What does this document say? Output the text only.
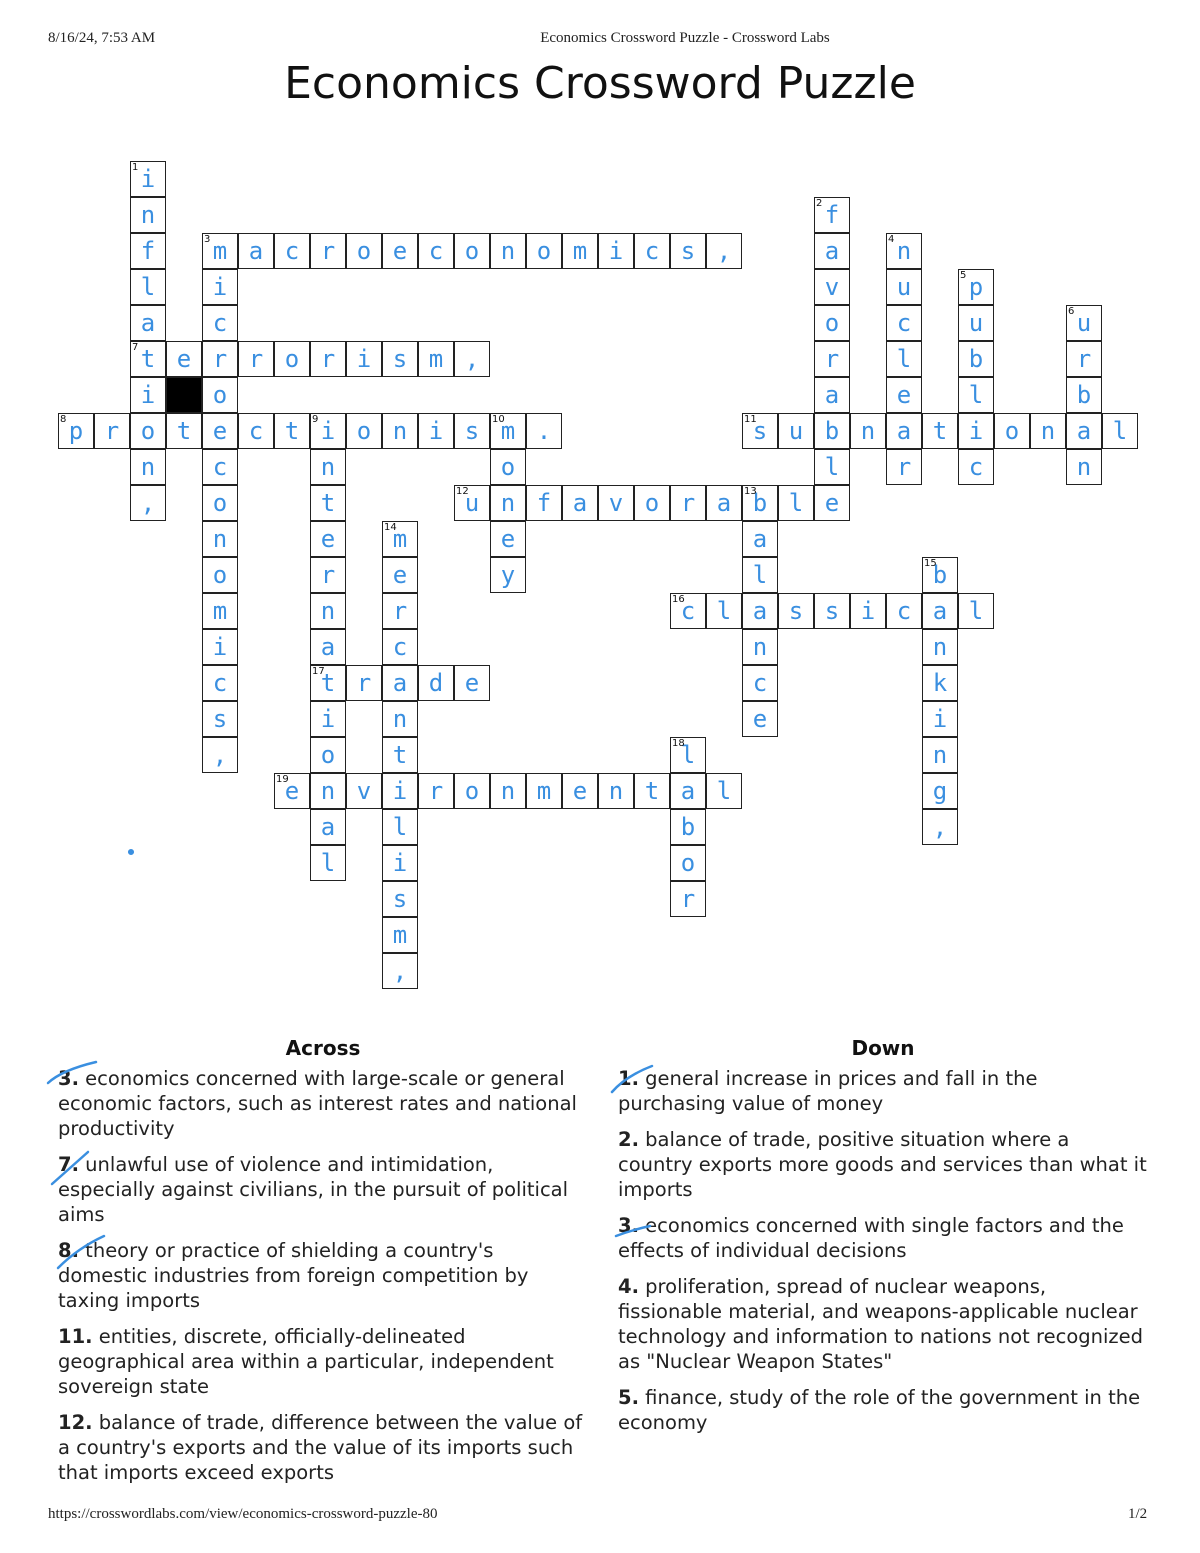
8/16/24, 7:53 AM	Economics Crossword Puzzle - Crossword Labs
Economics Crossword Puzzle
i
n
f
l
a
t
i
o
n
,
f
a
v
o
r
a
b
l
e
m a c r o e c o n o m i c s ,
i
c
r
o
e
c
o
n
o
m
i
c
s
,
n
u
c
l
e
a
r
p
u
b
l
i
c
u
r
b
a
n
e	r o r i s m ,
p r	t	c t i o n i s m .
n
t
e
r
n
a
t
i
o
n
a
l
o
n
e
y
s u	n	t	o n	l
u	f a v o r a b l
a
l
a
n
c
e
m
e
r
c
a
n
t
i
l
i
s
m
,
b
a
n
k
i
n
g
,
c l	s s i c	l
r	d e
l
a
b
o
r
e	v	r o n m e n t	l
1
2
3	4
5
6
7
8	9	10	11
12	13
14
15
16
17
18
19
Across
3. economics concerned with large-scale or general economic factors, such as interest rates and national productivity
7. unlawful use of violence and intimidation, especially against civilians, in the pursuit of political aims
8. theory or practice of shielding a country's domestic industries from foreign competition by taxing imports
11. entities, discrete, officially-delineated geographical area within a particular, independent sovereign state
12. balance of trade, difference between the value of a country's exports and the value of its imports such that imports exceed exports
Down
1. general increase in prices and fall in the purchasing value of money
2. balance of trade, positive situation where a country exports more goods and services than what it imports
3. economics concerned with single factors and the effects of individual decisions
4. proliferation, spread of nuclear weapons, fissionable material, and weapons-applicable nuclear technology and information to nations not recognized as "Nuclear Weapon States"
5. finance, study of the role of the government in the economy
https://crosswordlabs.com/view/economics-crossword-puzzle-80	1/2
